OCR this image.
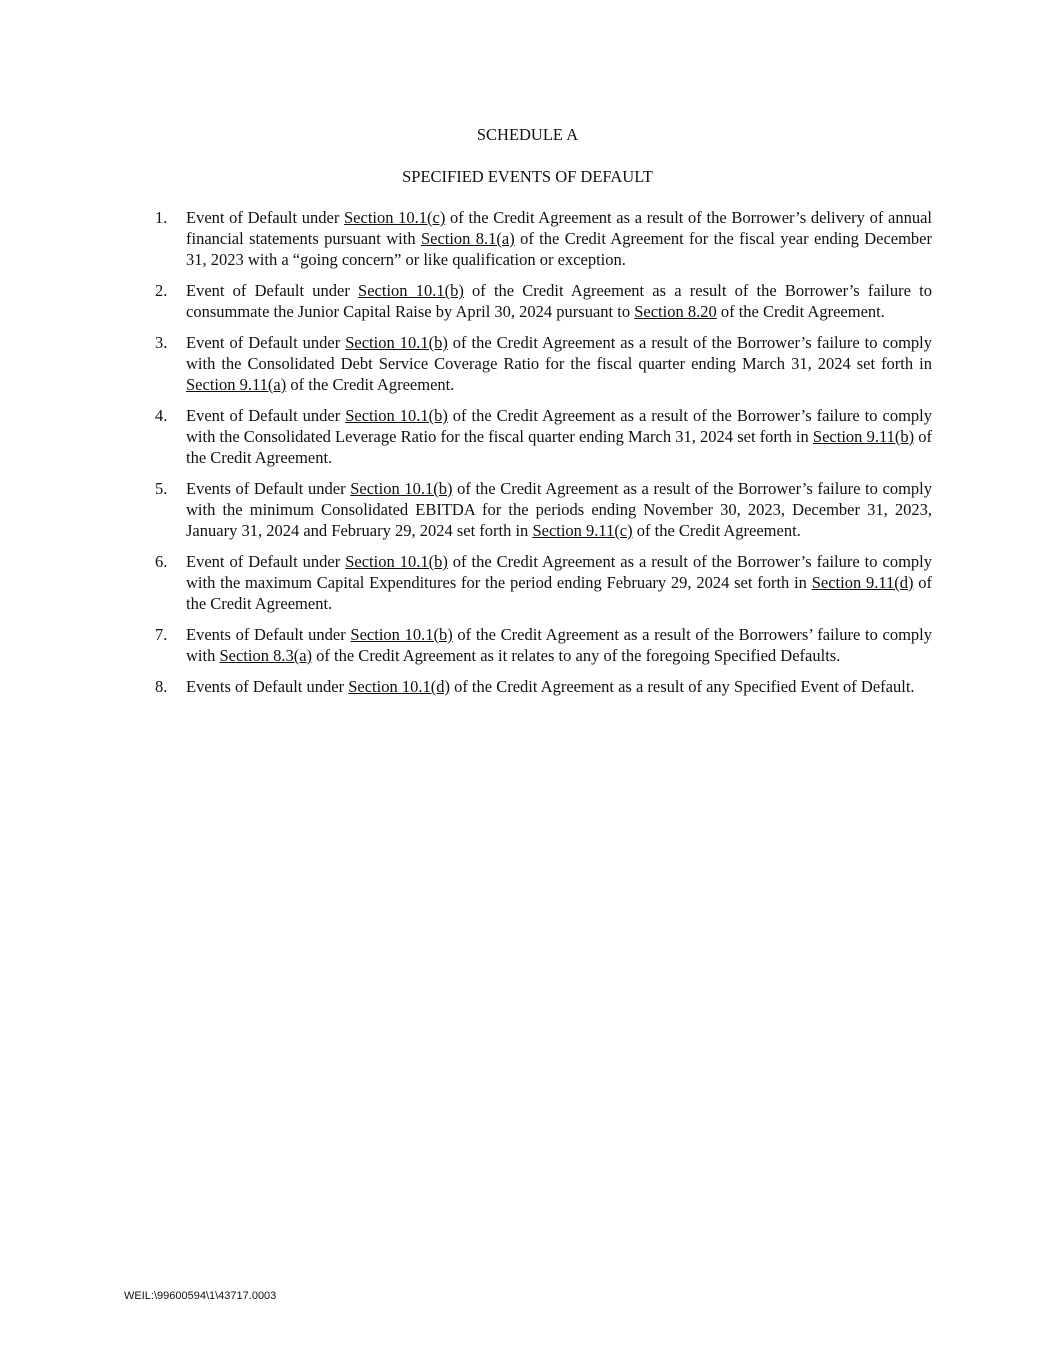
SCHEDULE A
SPECIFIED EVENTS OF DEFAULT
1. Event of Default under Section 10.1(c) of the Credit Agreement as a result of the Borrower’s delivery of annual financial statements pursuant with Section 8.1(a) of the Credit Agreement for the fiscal year ending December 31, 2023 with a “going concern” or like qualification or exception.
2. Event of Default under Section 10.1(b) of the Credit Agreement as a result of the Borrower’s failure to consummate the Junior Capital Raise by April 30, 2024 pursuant to Section 8.20 of the Credit Agreement.
3. Event of Default under Section 10.1(b) of the Credit Agreement as a result of the Borrower’s failure to comply with the Consolidated Debt Service Coverage Ratio for the fiscal quarter ending March 31, 2024 set forth in Section 9.11(a) of the Credit Agreement.
4. Event of Default under Section 10.1(b) of the Credit Agreement as a result of the Borrower’s failure to comply with the Consolidated Leverage Ratio for the fiscal quarter ending March 31, 2024 set forth in Section 9.11(b) of the Credit Agreement.
5. Events of Default under Section 10.1(b) of the Credit Agreement as a result of the Borrower’s failure to comply with the minimum Consolidated EBITDA for the periods ending November 30, 2023, December 31, 2023, January 31, 2024 and February 29, 2024 set forth in Section 9.11(c) of the Credit Agreement.
6. Event of Default under Section 10.1(b) of the Credit Agreement as a result of the Borrower’s failure to comply with the maximum Capital Expenditures for the period ending February 29, 2024 set forth in Section 9.11(d) of the Credit Agreement.
7. Events of Default under Section 10.1(b) of the Credit Agreement as a result of the Borrowers’ failure to comply with Section 8.3(a) of the Credit Agreement as it relates to any of the foregoing Specified Defaults.
8. Events of Default under Section 10.1(d) of the Credit Agreement as a result of any Specified Event of Default.
WEIL:\99600594\1\43717.0003
